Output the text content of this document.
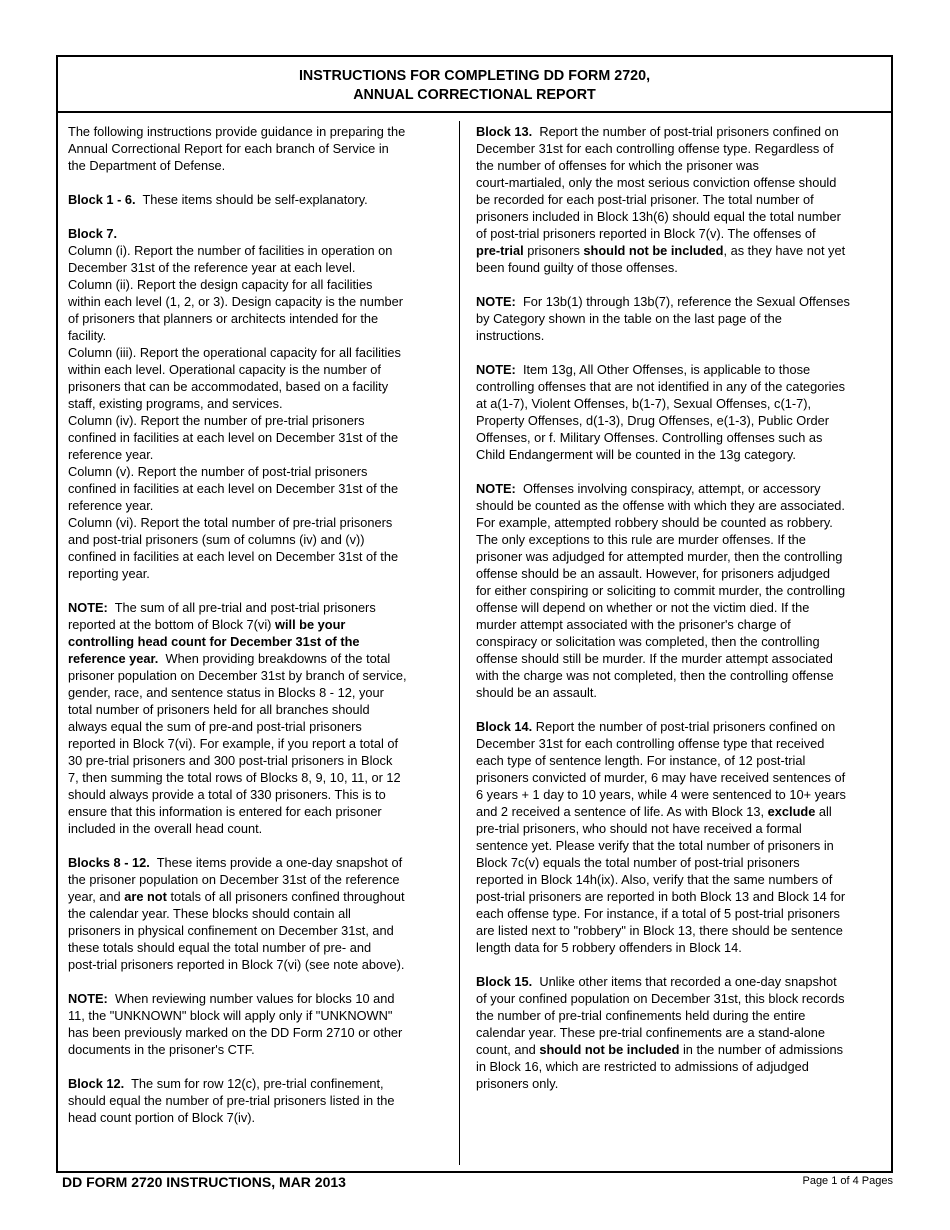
INSTRUCTIONS FOR COMPLETING DD FORM 2720,
ANNUAL CORRECTIONAL REPORT
The following instructions provide guidance in preparing the
Annual Correctional Report for each branch of Service in
the Department of Defense.
Block 1 - 6. These items should be self-explanatory.
Block 7.
Column (i). Report the number of facilities in operation on
December 31st of the reference year at each level.
Column (ii). Report the design capacity for all facilities
within each level (1, 2, or 3). Design capacity is the number
of prisoners that planners or architects intended for the
facility.
Column (iii). Report the operational capacity for all facilities
within each level. Operational capacity is the number of
prisoners that can be accommodated, based on a facility
staff, existing programs, and services.
Column (iv). Report the number of pre-trial prisoners
confined in facilities at each level on December 31st of the
reference year.
Column (v). Report the number of post-trial prisoners
confined in facilities at each level on December 31st of the
reference year.
Column (vi). Report the total number of pre-trial prisoners
and post-trial prisoners (sum of columns (iv) and (v))
confined in facilities at each level on December 31st of the
reporting year.
NOTE: The sum of all pre-trial and post-trial prisoners
reported at the bottom of Block 7(vi) will be your
controlling head count for December 31st of the
reference year. When providing breakdowns of the total
prisoner population on December 31st by branch of service,
gender, race, and sentence status in Blocks 8 - 12, your
total number of prisoners held for all branches should
always equal the sum of pre-and post-trial prisoners
reported in Block 7(vi). For example, if you report a total of
30 pre-trial prisoners and 300 post-trial prisoners in Block
7, then summing the total rows of Blocks 8, 9, 10, 11, or 12
should always provide a total of 330 prisoners. This is to
ensure that this information is entered for each prisoner
included in the overall head count.
Blocks 8 - 12. These items provide a one-day snapshot of
the prisoner population on December 31st of the reference
year, and are not totals of all prisoners confined throughout
the calendar year. These blocks should contain all
prisoners in physical confinement on December 31st, and
these totals should equal the total number of pre- and
post-trial prisoners reported in Block 7(vi) (see note above).
NOTE: When reviewing number values for blocks 10 and
11, the "UNKNOWN" block will apply only if "UNKNOWN"
has been previously marked on the DD Form 2710 or other
documents in the prisoner's CTF.
Block 12. The sum for row 12(c), pre-trial confinement,
should equal the number of pre-trial prisoners listed in the
head count portion of Block 7(iv).
Block 13. Report the number of post-trial prisoners confined on
December 31st for each controlling offense type. Regardless of
the number of offenses for which the prisoner was
court-martialed, only the most serious conviction offense should
be recorded for each post-trial prisoner. The total number of
prisoners included in Block 13h(6) should equal the total number
of post-trial prisoners reported in Block 7(v). The offenses of
pre-trial prisoners should not be included, as they have not yet
been found guilty of those offenses.
NOTE: For 13b(1) through 13b(7), reference the Sexual Offenses
by Category shown in the table on the last page of the
instructions.
NOTE: Item 13g, All Other Offenses, is applicable to those
controlling offenses that are not identified in any of the categories
at a(1-7), Violent Offenses, b(1-7), Sexual Offenses, c(1-7),
Property Offenses, d(1-3), Drug Offenses, e(1-3), Public Order
Offenses, or f. Military Offenses. Controlling offenses such as
Child Endangerment will be counted in the 13g category.
NOTE: Offenses involving conspiracy, attempt, or accessory
should be counted as the offense with which they are associated.
For example, attempted robbery should be counted as robbery.
The only exceptions to this rule are murder offenses. If the
prisoner was adjudged for attempted murder, then the controlling
offense should be an assault. However, for prisoners adjudged
for either conspiring or soliciting to commit murder, the controlling
offense will depend on whether or not the victim died. If the
murder attempt associated with the prisoner's charge of
conspiracy or solicitation was completed, then the controlling
offense should still be murder. If the murder attempt associated
with the charge was not completed, then the controlling offense
should be an assault.
Block 14. Report the number of post-trial prisoners confined on
December 31st for each controlling offense type that received
each type of sentence length. For instance, of 12 post-trial
prisoners convicted of murder, 6 may have received sentences of
6 years + 1 day to 10 years, while 4 were sentenced to 10+ years
and 2 received a sentence of life. As with Block 13, exclude all
pre-trial prisoners, who should not have received a formal
sentence yet. Please verify that the total number of prisoners in
Block 7c(v) equals the total number of post-trial prisoners
reported in Block 14h(ix). Also, verify that the same numbers of
post-trial prisoners are reported in both Block 13 and Block 14 for
each offense type. For instance, if a total of 5 post-trial prisoners
are listed next to "robbery" in Block 13, there should be sentence
length data for 5 robbery offenders in Block 14.
Block 15. Unlike other items that recorded a one-day snapshot
of your confined population on December 31st, this block records
the number of pre-trial confinements held during the entire
calendar year. These pre-trial confinements are a stand-alone
count, and should not be included in the number of admissions
in Block 16, which are restricted to admissions of adjudged
prisoners only.
DD FORM 2720 INSTRUCTIONS, MAR 2013	Page 1 of 4 Pages
